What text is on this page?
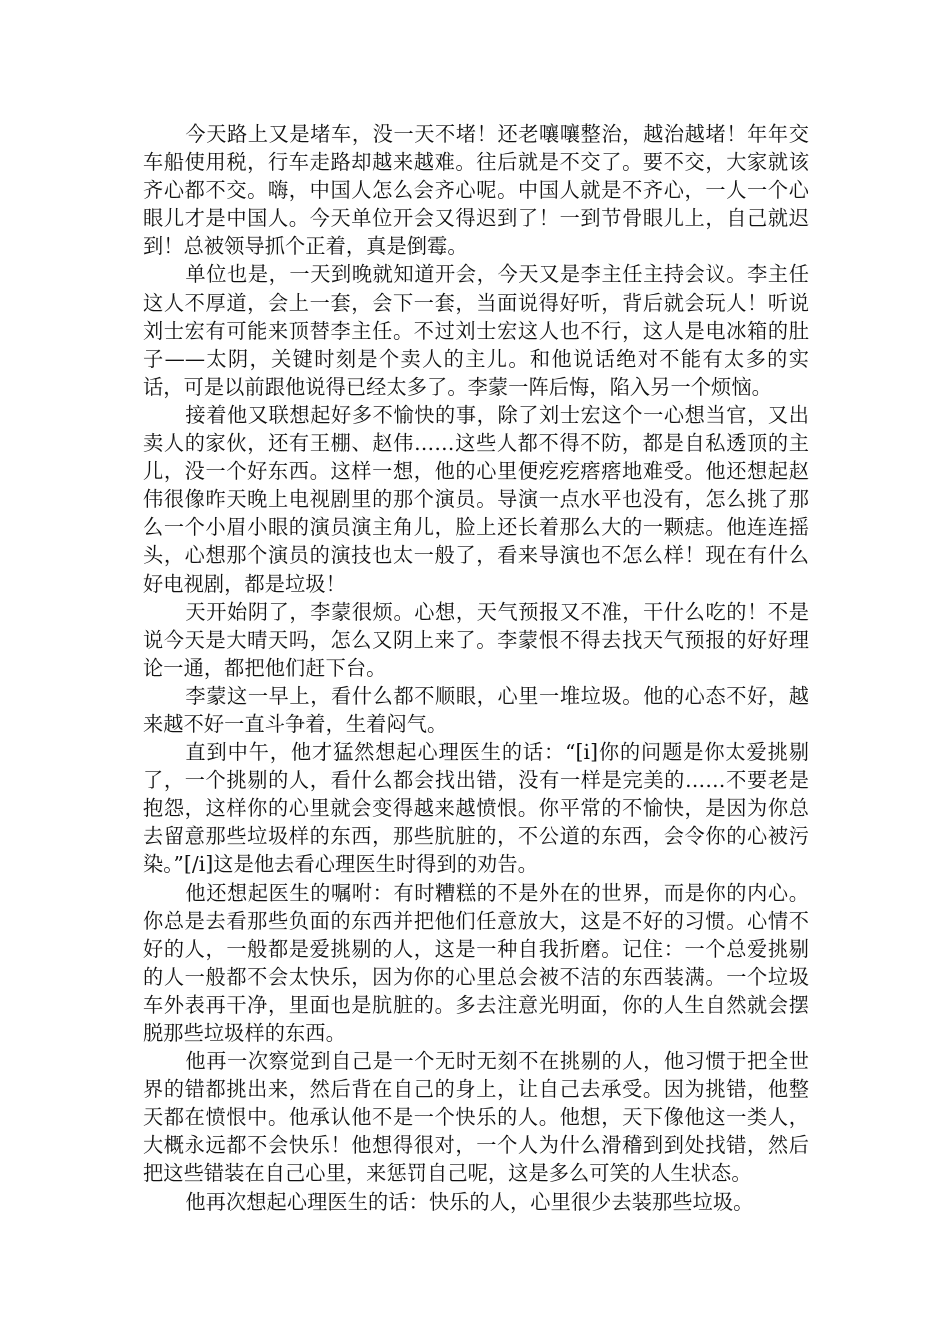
今天路上又是堵车，没一天不堵！还老嚷嚷整治，越治越堵！年年交车船使用税，行车走路却越来越难。往后就是不交了。要不交，大家就该齐心都不交。嗨，中国人怎么会齐心呢。中国人就是不齐心，一人一个心眼儿才是中国人。今天单位开会又得迟到了！一到节骨眼儿上，自己就迟到！总被领导抓个正着，真是倒霉。

单位也是，一天到晚就知道开会，今天又是李主任主持会议。李主任这人不厚道，会上一套，会下一套，当面说得好听，背后就会玩人！听说刘士宏有可能来顶替李主任。不过刘士宏这人也不行，这人是电冰箱的肚子——太阴，关键时刻是个卖人的主儿。和他说话绝对不能有太多的实话，可是以前跟他说得已经太多了。李蒙一阵后悔，陷入另一个烦恼。

接着他又联想起好多不愉快的事，除了刘士宏这个一心想当官，又出卖人的家伙，还有王棚、赵伟……这些人都不得不防，都是自私透顶的主儿，没一个好东西。这样一想，他的心里便疙疙瘩瘩地难受。他还想起赵伟很像昨天晚上电视剧里的那个演员。导演一点水平也没有，怎么挑了那么一个小眉小眼的演员演主角儿，脸上还长着那么大的一颗痣。他连连摇头，心想那个演员的演技也太一般了，看来导演也不怎么样！现在有什么好电视剧，都是垃圾！

天开始阴了，李蒙很烦。心想，天气预报又不准，干什么吃的！不是说今天是大晴天吗，怎么又阴上来了。李蒙恨不得去找天气预报的好好理论一通，都把他们赶下台。

李蒙这一早上，看什么都不顺眼，心里一堆垃圾。他的心态不好，越来越不好一直斗争着，生着闷气。

直到中午，他才猛然想起心理医生的话：“[i]你的问题是你太爱挑剔了，一个挑剔的人，看什么都会找出错，没有一样是完美的……不要老是抱怨，这样你的心里就会变得越来越愤恨。你平常的不愉快，是因为你总去留意那些垃圾样的东西，那些肮脏的，不公道的东西，会令你的心被污染。”[/i]这是他去看心理医生时得到的劝告。

他还想起医生的嘱咐：有时糟糕的不是外在的世界，而是你的内心。你总是去看那些负面的东西并把他们任意放大，这是不好的习惯。心情不好的人，一般都是爱挑剔的人，这是一种自我折磨。记住：一个总爱挑剔的人一般都不会太快乐，因为你的心里总会被不洁的东西装满。一个垃圾车外表再干净，里面也是肮脏的。多去注意光明面，你的人生自然就会摆脱那些垃圾样的东西。

他再一次察觉到自己是一个无时无刻不在挑剔的人，他习惯于把全世界的错都挑出来，然后背在自己的身上，让自己去承受。因为挑错，他整天都在愤恨中。他承认他不是一个快乐的人。他想，天下像他这一类人，大概永远都不会快乐！他想得很对，一个人为什么滑稽到到处找错，然后把这些错装在自己心里，来惩罚自己呢，这是多么可笑的人生状态。

他再次想起心理医生的话：快乐的人，心里很少去装那些垃圾。
